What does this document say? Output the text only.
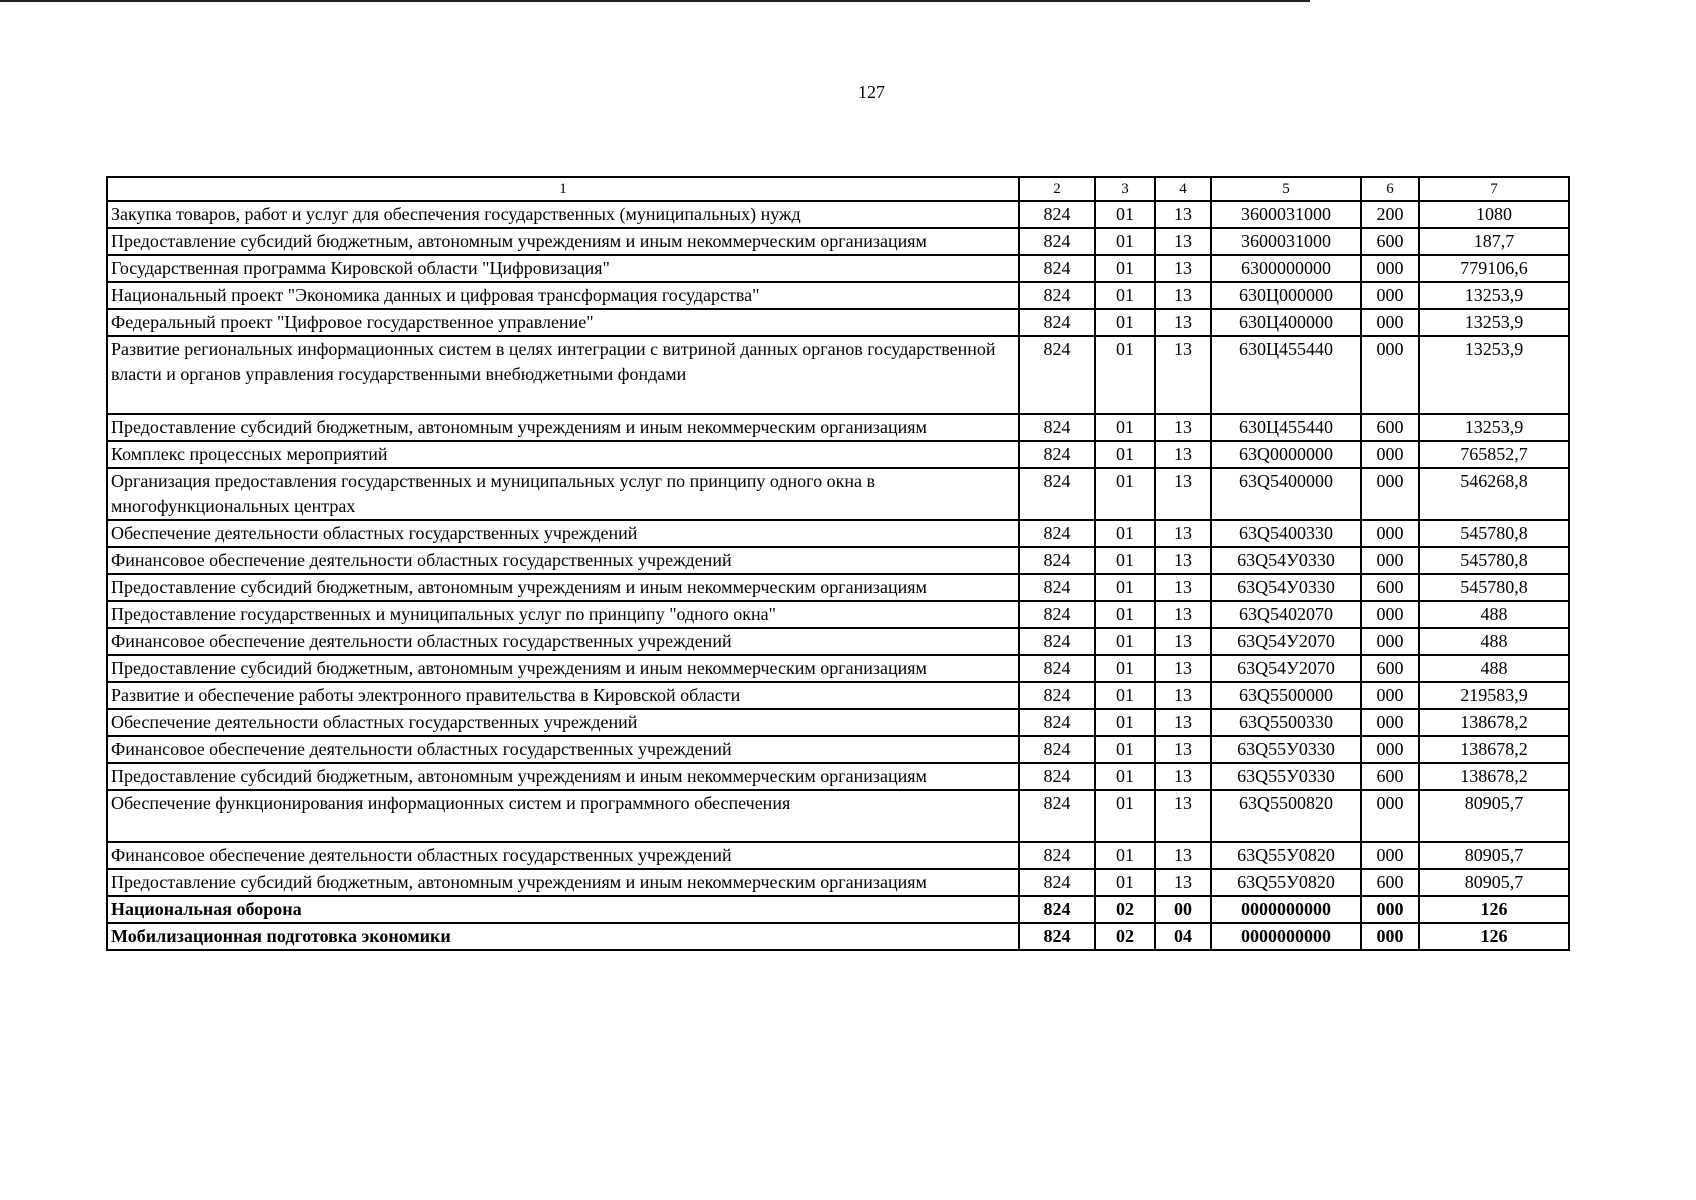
127
1	2	3	4	5	6	7
Закупка товаров, работ и услуг для обеспечения государственных (муниципальных) нужд	824	01	13	3600031000	200	1080
Предоставление субсидий бюджетным, автономным учреждениям и иным некоммерческим организациям	824	01	13	3600031000	600	187,7
Государственная программа Кировской области "Цифровизация"	824	01	13	6300000000	000	779106,6
Национальный проект "Экономика данных и цифровая трансформация государства"	824	01	13	630Ц000000	000	13253,9
Федеральный проект "Цифровое государственное управление"	824	01	13	630Ц400000	000	13253,9
Развитие региональных информационных систем в целях интеграции с витриной данных органов государственной власти и органов управления государственными внебюджетными фондами	824	01	13	630Ц455440	000	13253,9
Предоставление субсидий бюджетным, автономным учреждениям и иным некоммерческим организациям	824	01	13	630Ц455440	600	13253,9
Комплекс процессных мероприятий	824	01	13	63Q0000000	000	765852,7
Организация предоставления государственных и муниципальных услуг по принципу одного окна в многофункциональных центрах	824	01	13	63Q5400000	000	546268,8
Обеспечение деятельности областных государственных учреждений	824	01	13	63Q5400330	000	545780,8
Финансовое обеспечение деятельности областных государственных учреждений	824	01	13	63Q54У0330	000	545780,8
Предоставление субсидий бюджетным, автономным учреждениям и иным некоммерческим организациям	824	01	13	63Q54У0330	600	545780,8
Предоставление государственных и муниципальных услуг по принципу "одного окна"	824	01	13	63Q5402070	000	488
Финансовое обеспечение деятельности областных государственных учреждений	824	01	13	63Q54У2070	000	488
Предоставление субсидий бюджетным, автономным учреждениям и иным некоммерческим организациям	824	01	13	63Q54У2070	600	488
Развитие и обеспечение работы электронного правительства в Кировской области	824	01	13	63Q5500000	000	219583,9
Обеспечение деятельности областных государственных учреждений	824	01	13	63Q5500330	000	138678,2
Финансовое обеспечение деятельности областных государственных учреждений	824	01	13	63Q55У0330	000	138678,2
Предоставление субсидий бюджетным, автономным учреждениям и иным некоммерческим организациям	824	01	13	63Q55У0330	600	138678,2
Обеспечение функционирования информационных систем и программного обеспечения	824	01	13	63Q5500820	000	80905,7
Финансовое обеспечение деятельности областных государственных учреждений	824	01	13	63Q55У0820	000	80905,7
Предоставление субсидий бюджетным, автономным учреждениям и иным некоммерческим организациям	824	01	13	63Q55У0820	600	80905,7
Национальная оборона	824	02	00	0000000000	000	126
Мобилизационная подготовка экономики	824	02	04	0000000000	000	126
